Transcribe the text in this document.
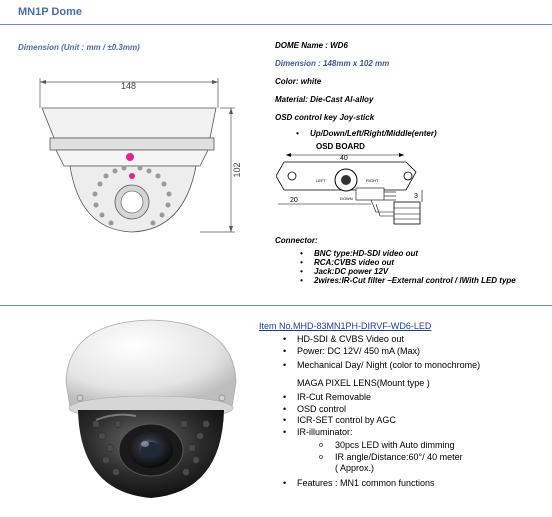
MN1P Dome
Dimension (Unit : mm / ±0.3mm)
148
102
DOME Name : WD6
Dimension : 148mm x 102 mm
Color: white
Material: Die-Cast Al-alloy
OSD control key Joy-stick
• Up/Down/Left/Right/Middle(enter)
OSD BOARD
40
LEFT	RIGHT
DOWN
20
3
Connector:
• BNC type:HD-SDI video out
• RCA:CVBS video out
• Jack:DC power 12V
• 2wires:IR-Cut filter –External control / lWith LED type
Item No.MHD-83MN1PH-DIRVF-WD6-LED
• HD-SDI & CVBS Video out
• Power: DC 12V/ 450 mA (Max)
• Mechanical Day/ Night (color to monochrome)
MAGA PIXEL LENS(Mount type )
• IR-Cut Removable
• OSD control
• ICR-SET control by AGC
• IR-illuminator:
o 30pcs LED with Auto dimming
o IR angle/Distance:60°/ 40 meter
( Approx.)
• Features : MN1 common functions
